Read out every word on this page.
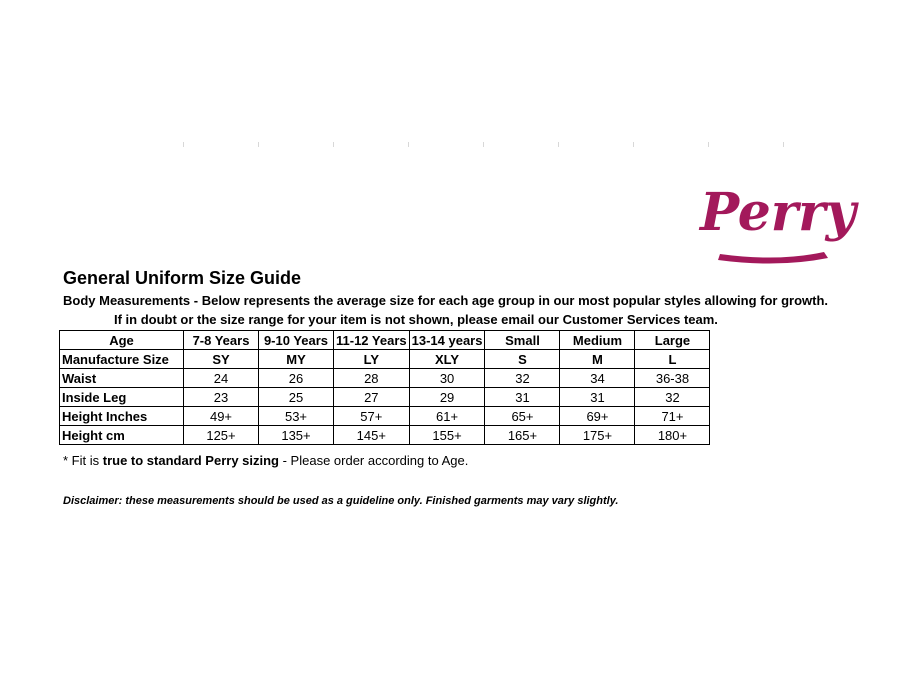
Perry
General Uniform Size Guide
Body Measurements - Below represents the average size for each age group in our most popular styles allowing for growth.
If in doubt or the size range for your item is not shown, please email our Customer Services team.
Age	7-8 Years	9-10 Years	11-12 Years	13-14 years	Small	Medium	Large
Manufacture Size	SY	MY	LY	XLY	S	M	L
Waist	24	26	28	30	32	34	36-38
Inside Leg	23	25	27	29	31	31	32
Height Inches	49+	53+	57+	61+	65+	69+	71+
Height cm	125+	135+	145+	155+	165+	175+	180+
* Fit is true to standard Perry sizing - Please order according to Age.
Disclaimer: these measurements should be used as a guideline only. Finished garments may vary slightly.
